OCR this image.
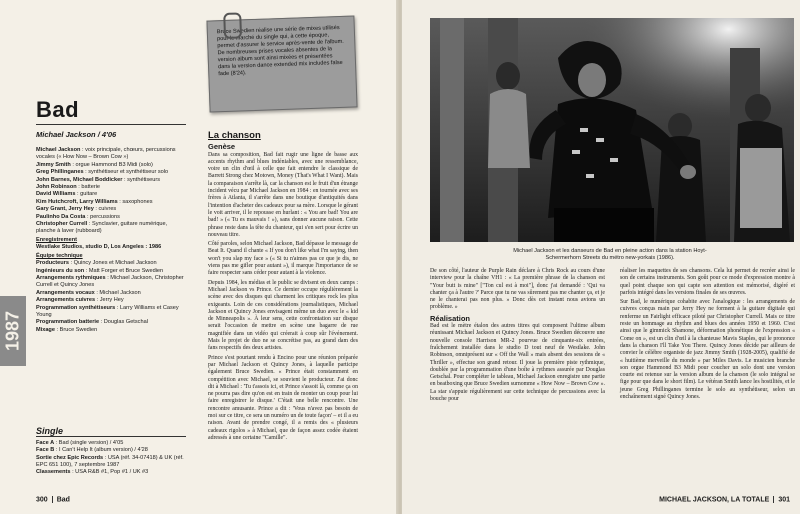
Bruce Swedien réalise une série de mixes utilisés pour le marché du single qui, à cette époque, permet d'assurer le service après-vente de l'album. De nombreuses prises vocales absentes de la version album sont ainsi mixées et présentées dans la version dance extended mix includes false fade (8'24).

Bad
Michael Jackson / 4'06
Michael Jackson : voix principale, chœurs, percussions vocales (« How Now – Brown Cow »)
Jimmy Smith : orgue Hammond B3 Midi (solo)
Greg Phillinganes : synthétiseur et synthétiseur solo
John Barnes, Michael Boddicker : synthétiseurs
John Robinson : batterie
David Williams : guitare
Kim Hutchcroft, Larry Williams : saxophones
Gary Grant, Jerry Hey : cuivres
Paulinho Da Costa : percussions
Christopher Currell : Synclavier, guitare numérique, planche à laver (rubboard)
Enregistrement
Westlake Studios, studio D, Los Angeles : 1986
Équipe technique
Producteurs : Quincy Jones et Michael Jackson
Ingénieurs du son : Matt Forger et Bruce Swedien
Arrangements rythmiques : Michael Jackson, Christopher Currell et Quincy Jones
Arrangements vocaux : Michael Jackson
Arrangements cuivres : Jerry Hey
Programmation synthétiseurs : Larry Williams et Casey Young
Programmation batterie : Douglas Getschal
Mixage : Bruce Swedien
1987
Single
Face A : Bad (single version) / 4'05
Face B : I Can't Help It (album version) / 4'28
Sortie chez Epic Records : USA (réf. 34-07418) & UK (réf. EPC 651 100), 7 septembre 1987
Classements : USA R&B #1, Pop #1 / UK #3
La chanson
Genèse

Dans sa composition, Bad fait rugir une ligne de basse aux accents rhythm and blues indéniables, avec une ressemblance, voire un clin d'œil à celle que fait entendre le classique de Barrett Strong chez Motown, Money (That's What I Want). Mais la comparaison s'arrête là, car la chanson est le fruit d'un étrange incident vécu par Michael Jackson en 1984 : en tournée avec ses frères à Atlanta, il s'arrête dans une boutique d'antiquités dans l'intention d'acheter des cadeaux pour sa mère. Lorsque le gérant le voit arriver, il le repousse en hurlant : « You are bad! You are bad! » (« Tu es mauvais ! »), sans donner aucune raison. Cette phrase reste dans la tête du chanteur, qui s'en sert pour écrire un nouveau titre.

Côté paroles, selon Michael Jackson, Bad dépasse le message de Beat It. Quand il chante « If you don't like what I'm saying, then won't you slap my face » (« Si tu n'aimes pas ce que je dis, ne viens pas me gifler pour autant »), il marque l'importance de se faire respecter sans céder pour autant à la violence.

Depuis 1984, les médias et le public se divisent en deux camps : Michael Jackson vs Prince. Ce dernier occupe régulièrement la scène avec des disques qui charment les critiques rock les plus exigeants. Loin de ces considérations journalistiques, Michael Jackson et Quincy Jones envisagent même un duo avec le « kid de Minneapolis ». À leur sens, cette confrontation sur disque serait l'occasion de mettre en scène une bagarre de rue magnifiée dans un vidéo qui créerait à coup sûr l'événement. Mais le projet de duo ne se concrétise pas, au grand dam des fans respectifs des deux artistes.

Prince s'est pourtant rendu à Encino pour une réunion préparée par Michael Jackson et Quincy Jones, à laquelle participe également Bruce Swedien. « Prince était constamment en compétition avec Michael, se souvient le producteur. J'ai donc dit à Michael : 'Tu t'assois ici, et Prince s'assoit là, comme ça on ne pourra pas dire qu'on est en train de monter un coup pour lui faire enregistrer le disque.' C'était une belle rencontre. Une rencontre amusante. Prince a dit : 'Vous n'avez pas besoin de moi sur ce titre, ce sera un numéro un de toute façon' – et il a eu raison. Avant de prendre congé, il a remis des « plusieurs cadeaux rigolos » à Michael, que de façon assez codée étaient adressés à une certaine "Camille".

300 Bad
Michael Jackson et les danseurs de Bad en pleine action dans la station Hoyt-Schermerhorn Streets du métro new-yorkais (1986).

De son côté, l'auteur de Purple Rain déclare à Chris Rock au cours d'une interview pour la chaîne VH1 : « La première phrase de la chanson est "Your butt is mine" ["Ton cul est à moi"], donc j'ai demandé : 'Qui va chanter ça à l'autre ?' Parce que tu ne vas sûrement pas me chanter ça, et je ne le chanterai pas non plus. » Donc dès cet instant nous avions un problème. »

Réalisation

Bad est le mètre étalon des autres titres qui composent l'ultime album réunissant Michael Jackson et Quincy Jones. Bruce Swedien découvre une nouvelle console Harrison MR-2 pourvue de cinquante-six entrées, fraîchement installée dans le studio D tout neuf de Westlake. John Robinson, omniprésent sur « Off the Wall » mais absent des sessions de « Thriller », effectue son grand retour. Il joue la première piste rythmique, doublée par la programmation d'une boîte à rythmes assurée par Douglas Getschal. Pour compléter le tableau, Michael Jackson enregistre une partie en beatboxing que Bruce Swedien surnomme « How Now – Brown Cow ». La star s'appuie régulièrement sur cette technique de percussions avec la bouche pour

réaliser les maquettes de ses chansons. Cela lui permet de recréer ainsi le son de certains instruments. Son goût pour ce mode d'expression montre à quel point chaque son qui capte son attention est mémorisé, digéré et parfois intégré dans les versions finales de ses œuvres.

Sur Bad, le numérique cohabite avec l'analogique : les arrangements de cuivres conçus main par Jerry Hey ne forment à la guitare digitale qui renferme un Fairlight efficace piloté par Christopher Currell. Mais ce titre reste un hommage au rhythm and blues des années 1950 et 1960. C'est ainsi que le gimmick Shamone, déformation phonétique de l'expression « Come on », est un clin d'œil à la chanteuse Mavis Staples, qui le prononce dans la chanson I'll Take You There. Quincy Jones décide par ailleurs de convier le célèbre organiste de jazz Jimmy Smith (1928-2005), qualifié de « huitième merveille du monde » par Miles Davis. Le musicien branche son orgue Hammond B3 Midi pour coucher un solo dont une version courte est retenue sur la version album de la chanson (le solo intégral se fige pour que dans le short film). Le vétéran Smith lance les hostilités, et le jeune Greg Phillinganes termine le solo au synthétiseur, selon un enchaînement signé Quincy Jones.

MICHAEL JACKSON, LA TOTALE 301
